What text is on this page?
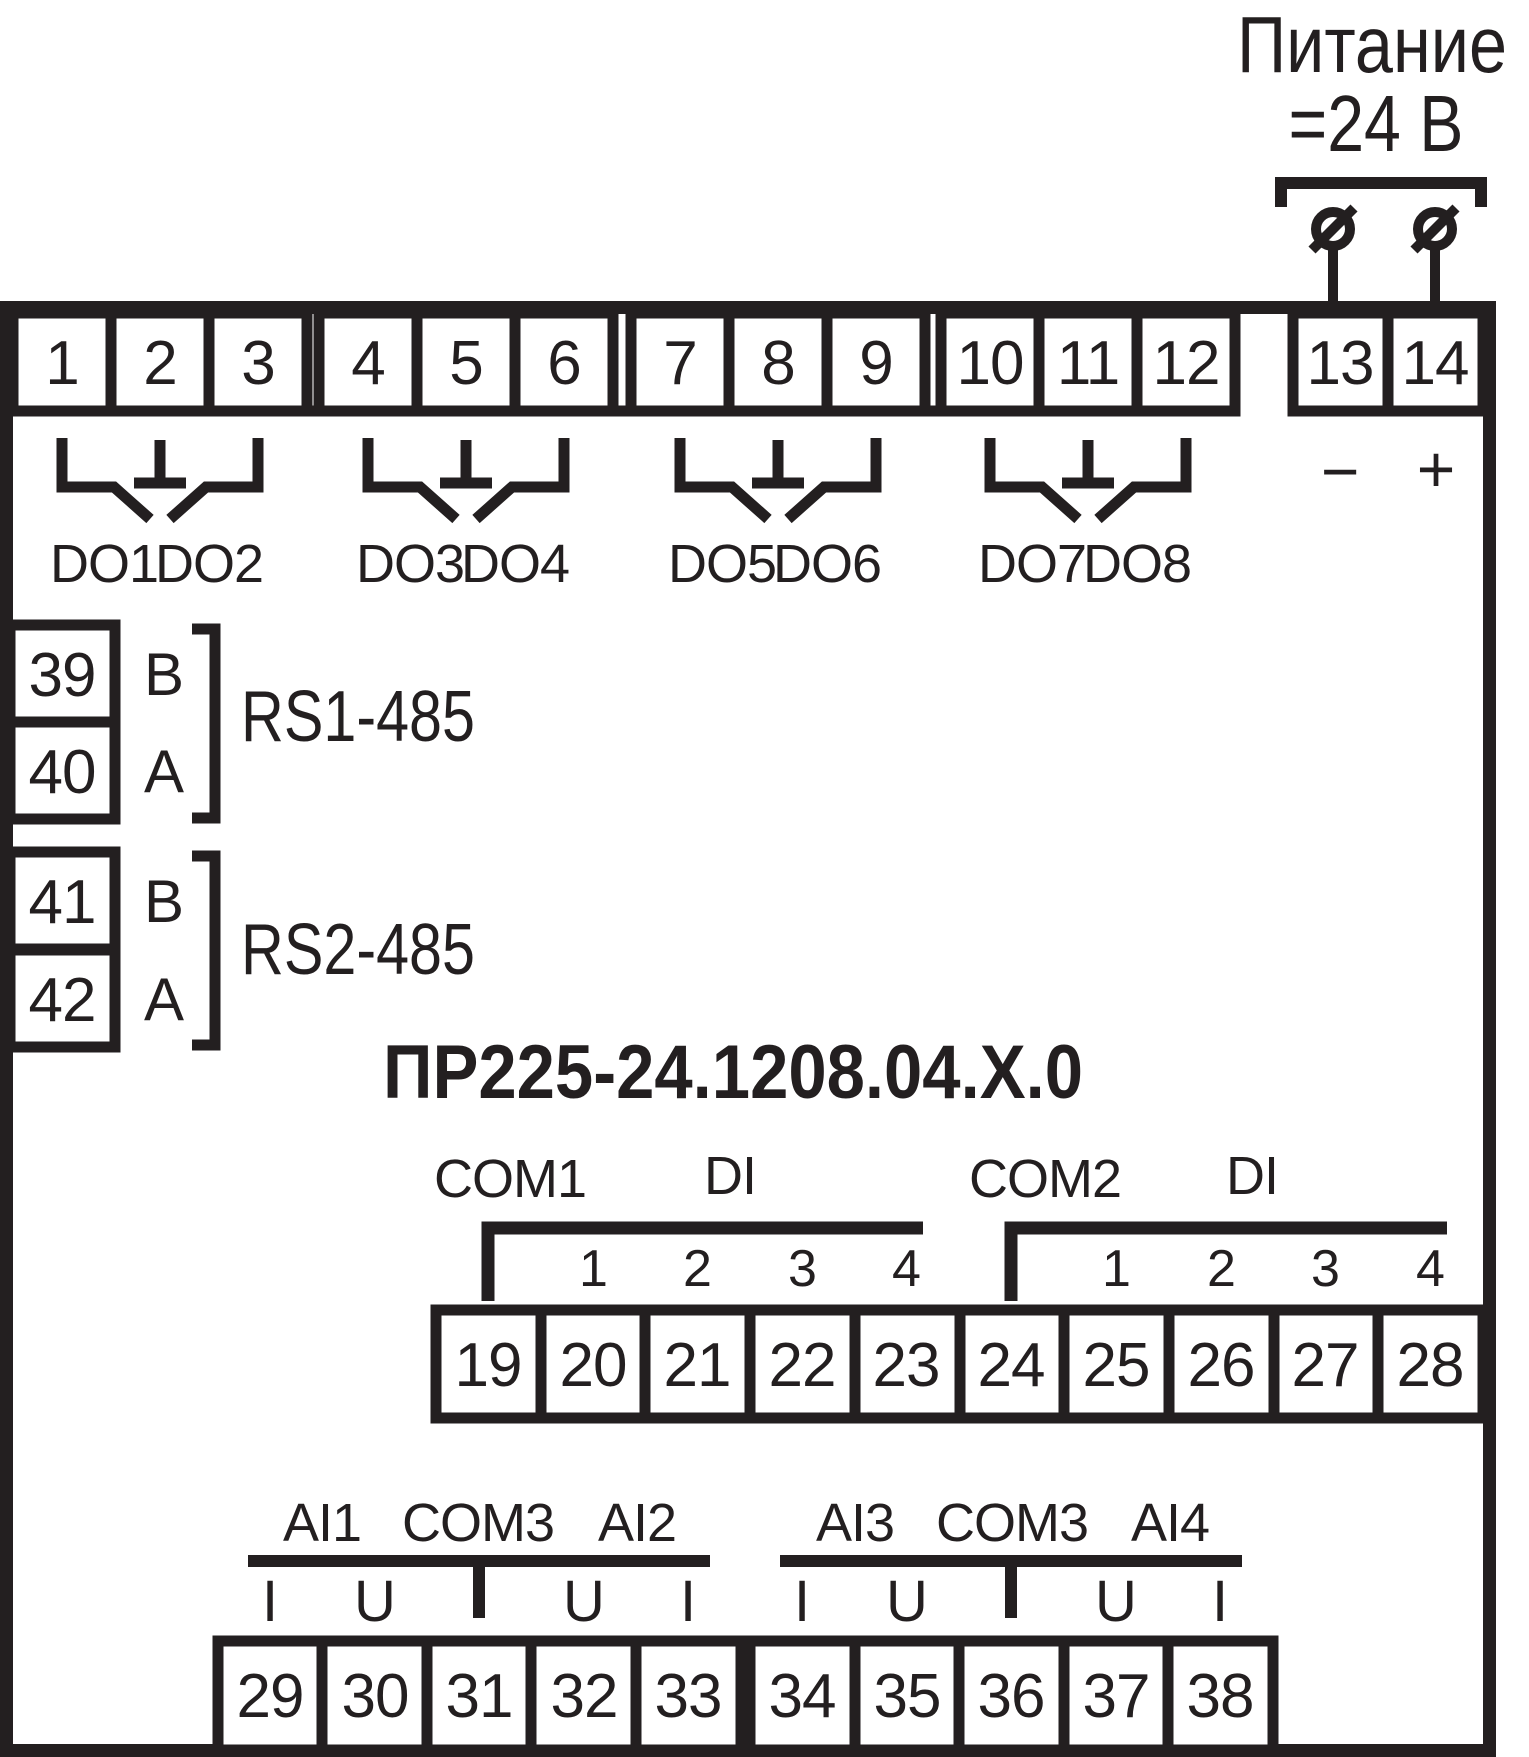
Питание
=24 В
1 2 3 4 5 6 7 8 9 10 11 12 13 14
− +
DO1
DO2 DO3
DO4 DO5
DO6 DO7
DO8
39
40
B
A
RS1-485
41
42
B
A
RS2-485
ПР225-24.1208.04.X.0
COM1 DI	COM2 DI
1 2 3 4	1 2 3 4
19 20 21 22 23 24 25 26 27 28
AI1 COM3 AI2	AI3 COM3 AI4
I U	U I I U	U I
29 30 31 32 33 34 35 36 37 38
